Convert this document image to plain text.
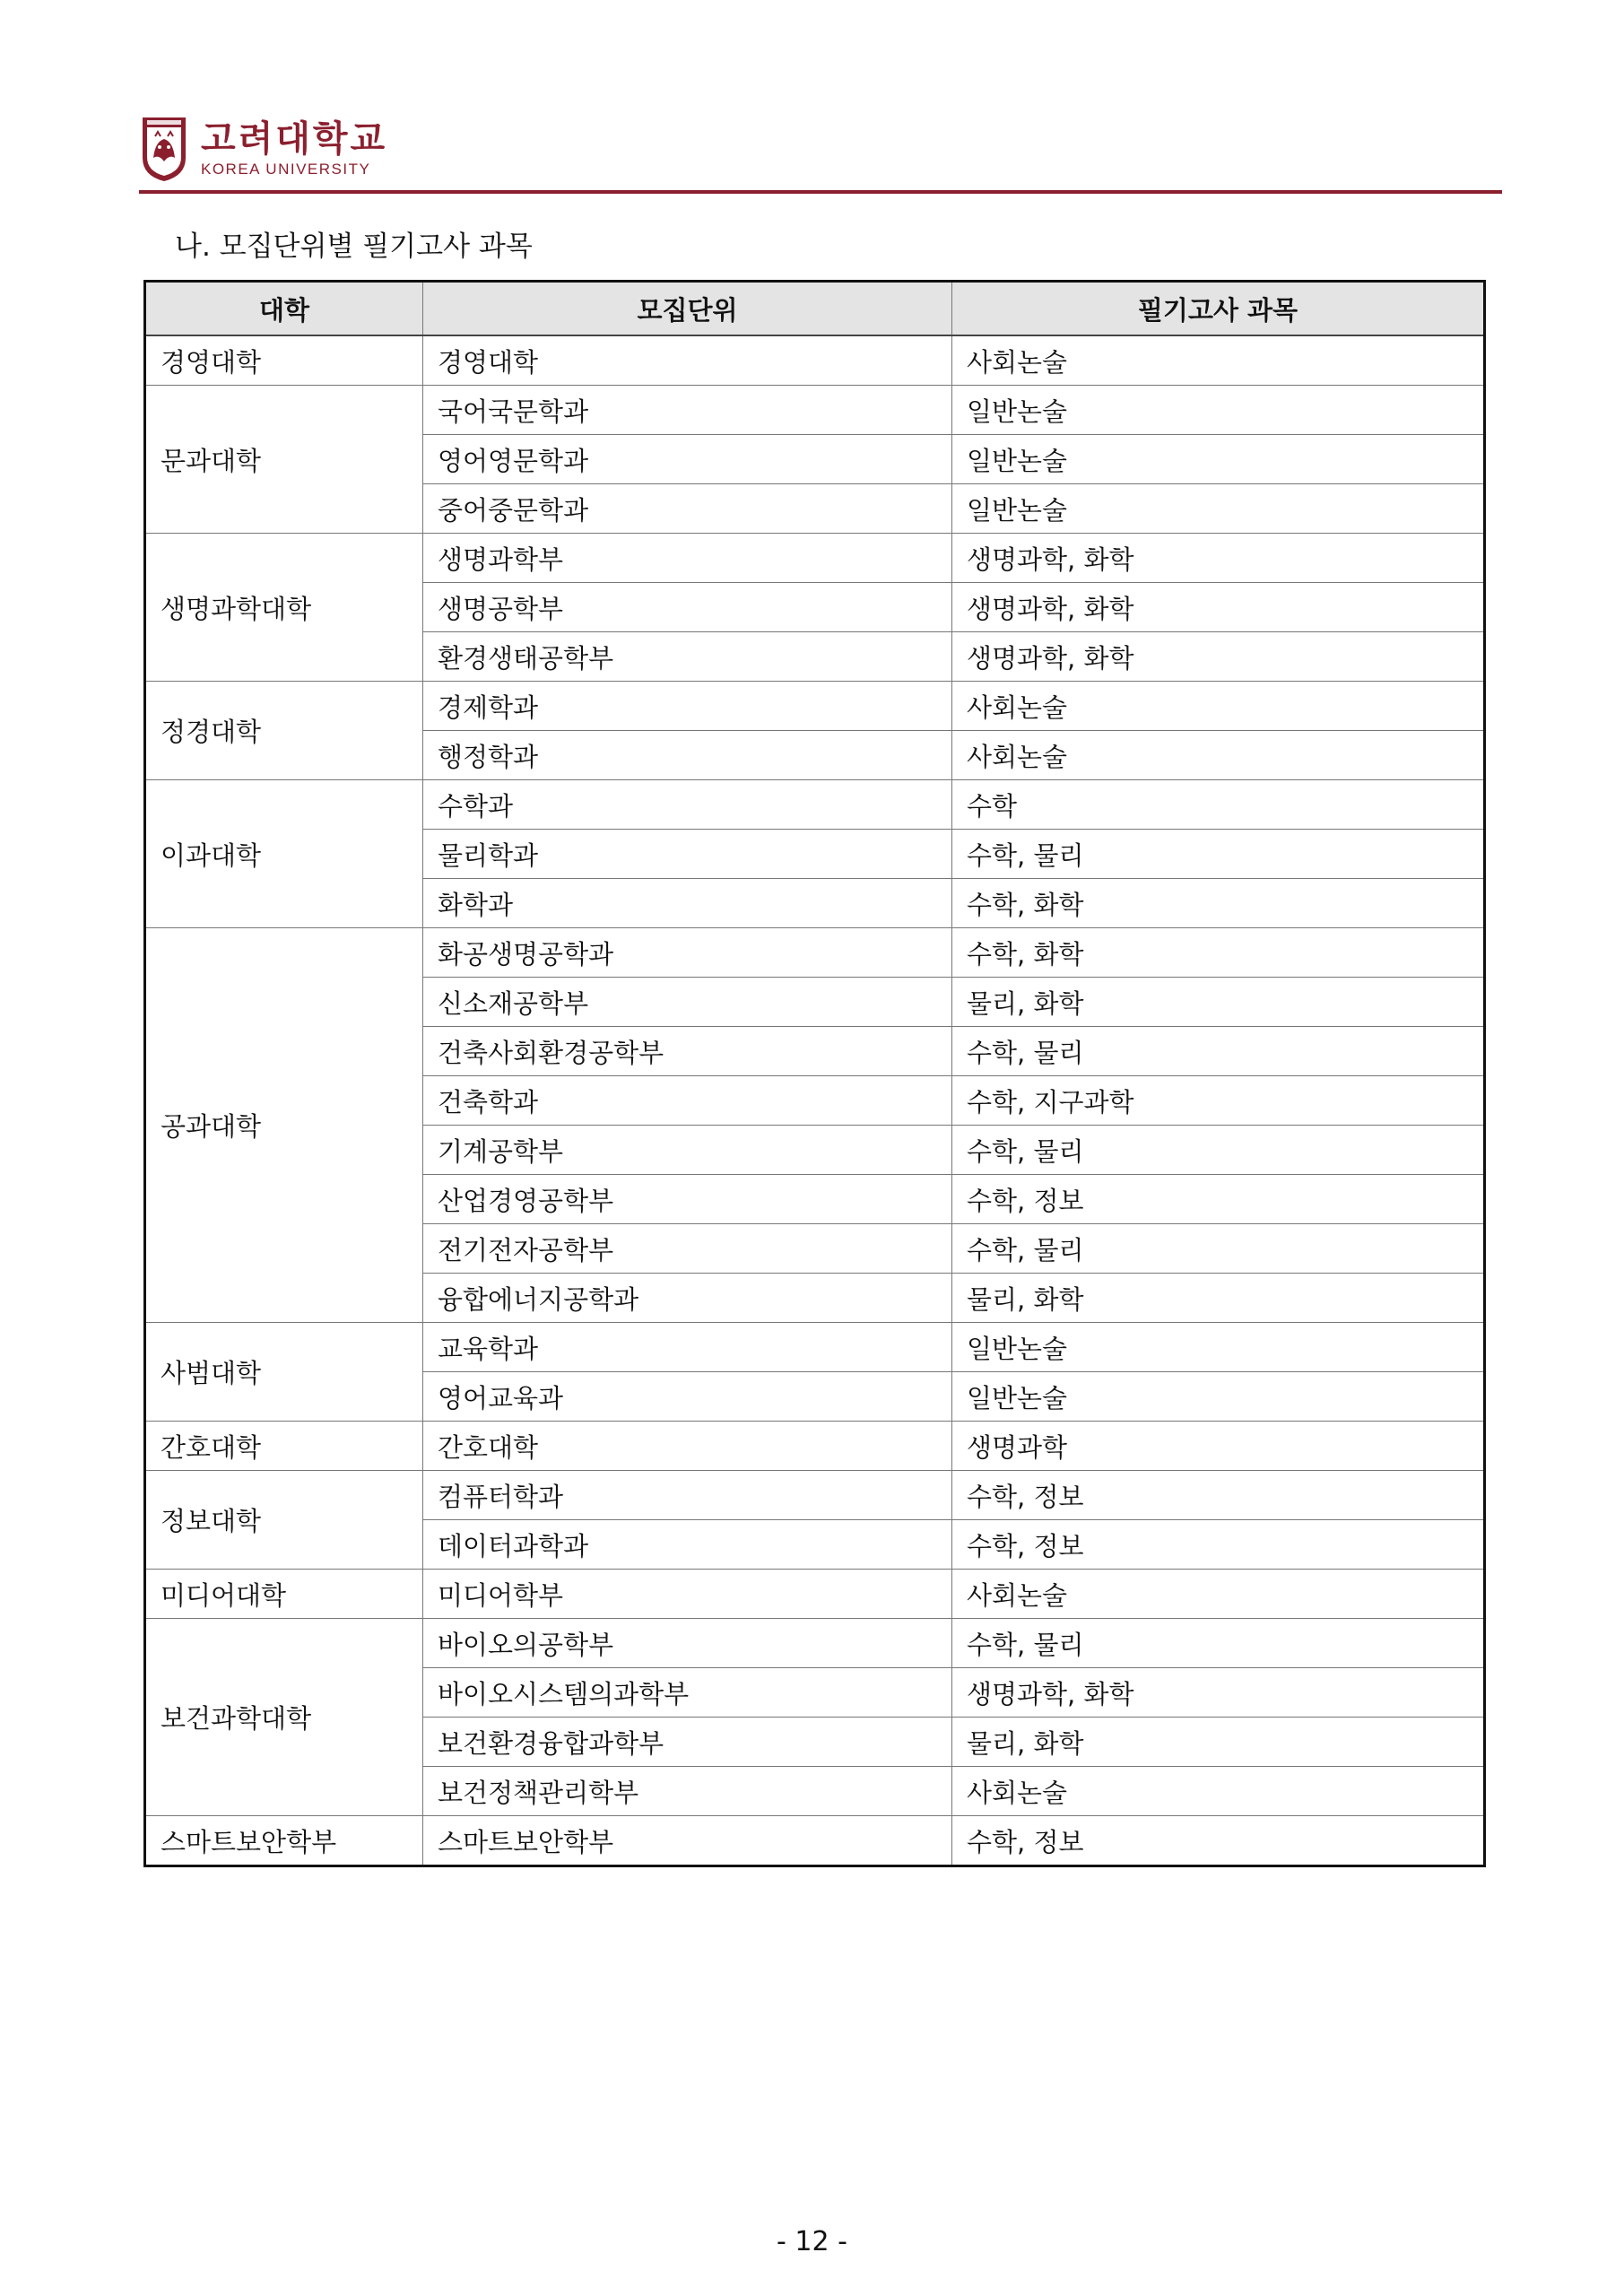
고려대학교
KOREA UNIVERSITY
나. 모집단위별 필기고사 과목
대학	모집단위	필기고사 과목
경영대학	경영대학	사회논술
문과대학	국어국문학과	일반논술
	영어영문학과	일반논술
	중어중문학과	일반논술
생명과학대학	생명과학부	생명과학, 화학
	생명공학부	생명과학, 화학
	환경생태공학부	생명과학, 화학
정경대학	경제학과	사회논술
	행정학과	사회논술
이과대학	수학과	수학
	물리학과	수학, 물리
	화학과	수학, 화학
공과대학	화공생명공학과	수학, 화학
	신소재공학부	물리, 화학
	건축사회환경공학부	수학, 물리
	건축학과	수학, 지구과학
	기계공학부	수학, 물리
	산업경영공학부	수학, 정보
	전기전자공학부	수학, 물리
	융합에너지공학과	물리, 화학
사범대학	교육학과	일반논술
	영어교육과	일반논술
간호대학	간호대학	생명과학
정보대학	컴퓨터학과	수학, 정보
	데이터과학과	수학, 정보
미디어대학	미디어학부	사회논술
보건과학대학	바이오의공학부	수학, 물리
	바이오시스템의과학부	생명과학, 화학
	보건환경융합과학부	물리, 화학
	보건정책관리학부	사회논술
스마트보안학부	스마트보안학부	수학, 정보
- 12 -
